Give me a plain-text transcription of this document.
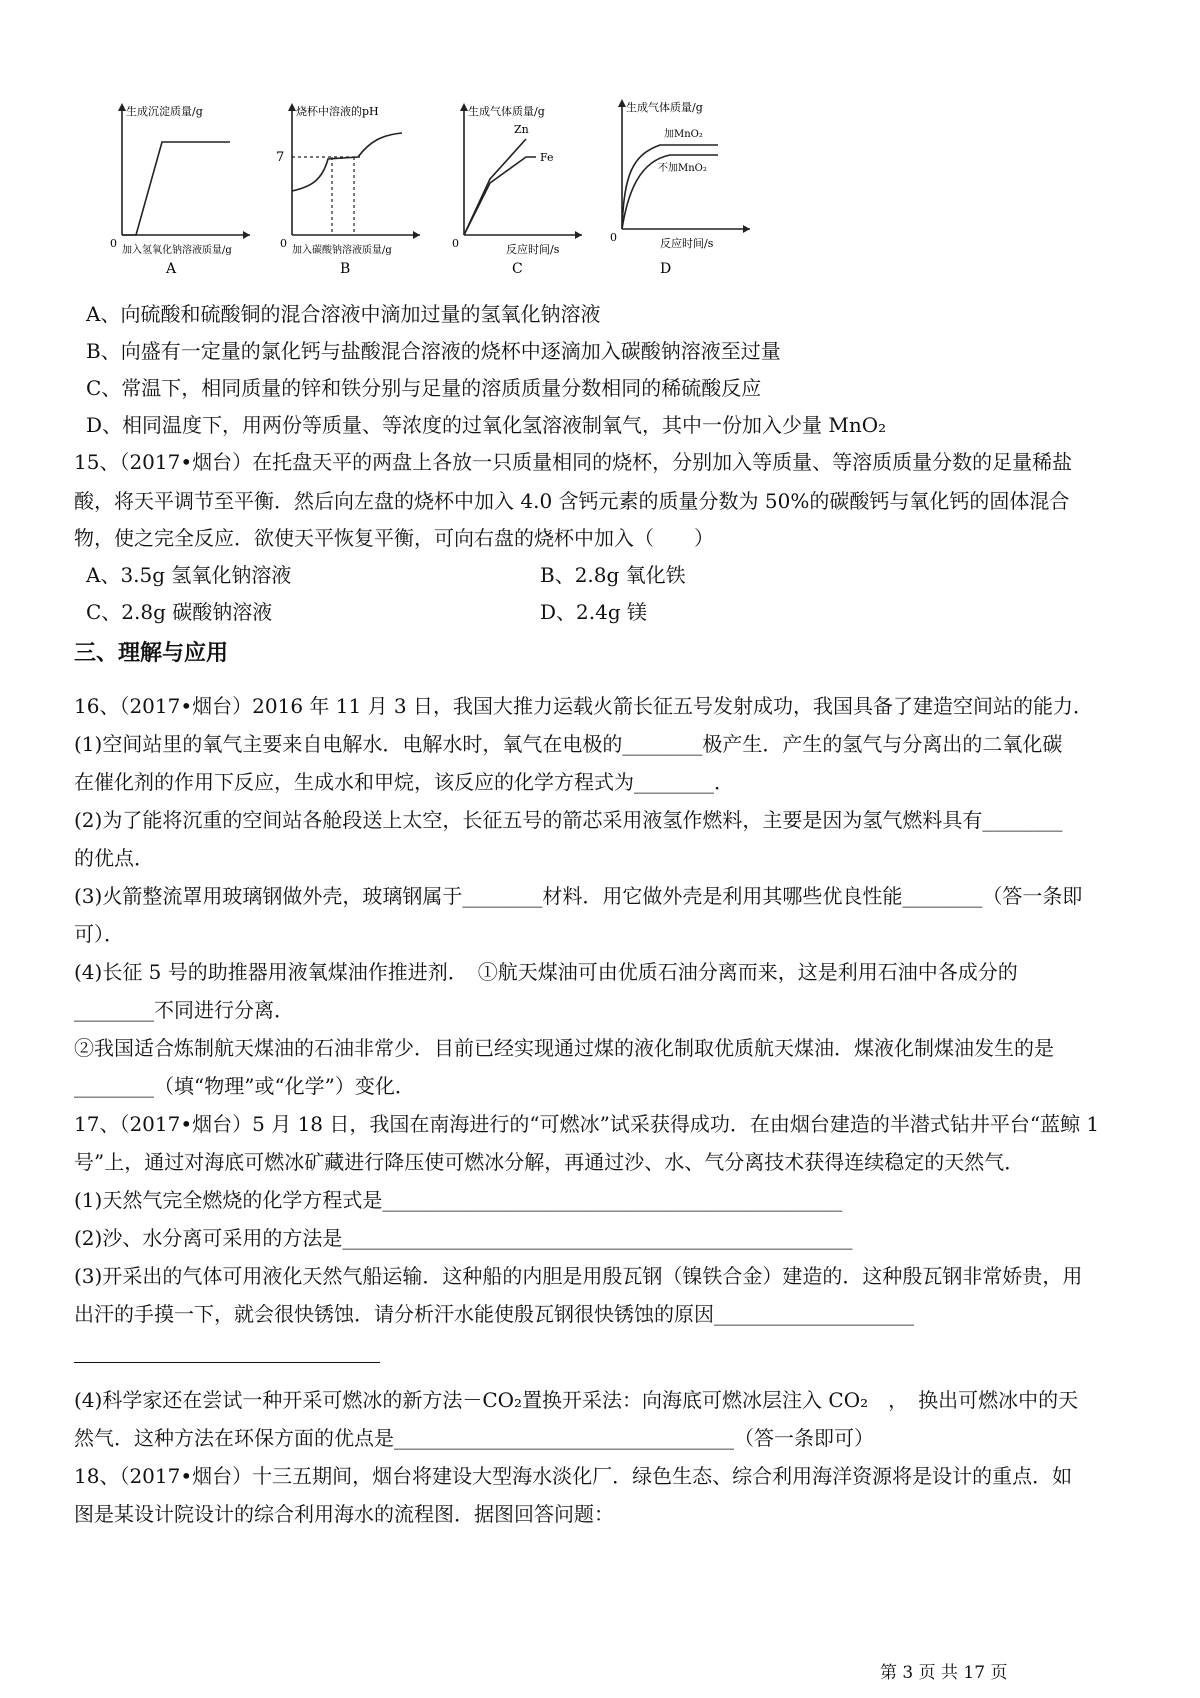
生成沉淀质量/g
0
加入氢氧化钠溶液质量/g
A
烧杯中溶液的pH
7
0
加入碳酸钠溶液质量/g
B
生成气体质量/g
Zn
Fe
0	反应时间/s
C
生成气体质量/g
加MnO₂
不加MnO₂
0	反应时间/s
D
A、向硫酸和硫酸铜的混合溶液中滴加过量的氢氧化钠溶液
B、向盛有一定量的氯化钙与盐酸混合溶液的烧杯中逐滴加入碳酸钠溶液至过量
C、常温下，相同质量的锌和铁分别与足量的溶质质量分数相同的稀硫酸反应
D、相同温度下，用两份等质量、等浓度的过氧化氢溶液制氧气，其中一份加入少量 MnO₂
15、（2017•烟台）在托盘天平的两盘上各放一只质量相同的烧杯，分别加入等质量、等溶质质量分数的足量稀盐
酸，将天平调节至平衡．然后向左盘的烧杯中加入 4.0 含钙元素的质量分数为 50%的碳酸钙与氧化钙的固体混合
物，使之完全反应．欲使天平恢复平衡，可向右盘的烧杯中加入（　　）
A、3.5g 氢氧化钠溶液	B、2.8g 氧化铁
C、2.8g 碳酸钠溶液	D、2.4g 镁
三、理解与应用
16、（2017•烟台）2016 年 11 月 3 日，我国大推力运载火箭长征五号发射成功，我国具备了建造空间站的能力．
(1)空间站里的氧气主要来自电解水．电解水时，氧气在电极的________极产生．产生的氢气与分离出的二氧化碳
在催化剂的作用下反应，生成水和甲烷，该反应的化学方程式为________．
(2)为了能将沉重的空间站各舱段送上太空，长征五号的箭芯采用液氢作燃料，主要是因为氢气燃料具有________
的优点．
(3)火箭整流罩用玻璃钢做外壳，玻璃钢属于________材料．用它做外壳是利用其哪些优良性能________（答一条即
可）．
(4)长征 5 号的助推器用液氧煤油作推进剂．　①航天煤油可由优质石油分离而来，这是利用石油中各成分的
________不同进行分离．
②我国适合炼制航天煤油的石油非常少．目前已经实现通过煤的液化制取优质航天煤油．煤液化制煤油发生的是
________（填“物理”或“化学”）变化．
17、（2017•烟台）5 月 18 日，我国在南海进行的“可燃冰”试采获得成功．在由烟台建造的半潜式钻井平台“蓝鲸 1
号”上，通过对海底可燃冰矿藏进行降压使可燃冰分解，再通过沙、水、气分离技术获得连续稳定的天然气．
(1)天然气完全燃烧的化学方程式是______________________________________________
(2)沙、水分离可采用的方法是___________________________________________________
(3)开采出的气体可用液化天然气船运输．这种船的内胆是用殷瓦钢（镍铁合金）建造的．这种殷瓦钢非常娇贵，用
出汗的手摸一下，就会很快锈蚀．请分析汗水能使殷瓦钢很快锈蚀的原因____________________
(4)科学家还在尝试一种开采可燃冰的新方法－CO₂置换开采法：向海底可燃冰层注入 CO₂　，　换出可燃冰中的天
然气．这种方法在环保方面的优点是__________________________________（答一条即可）
18、（2017•烟台）十三五期间，烟台将建设大型海水淡化厂．绿色生态、综合利用海洋资源将是设计的重点．如
图是某设计院设计的综合利用海水的流程图．据图回答问题：
第 3 页 共 17 页
